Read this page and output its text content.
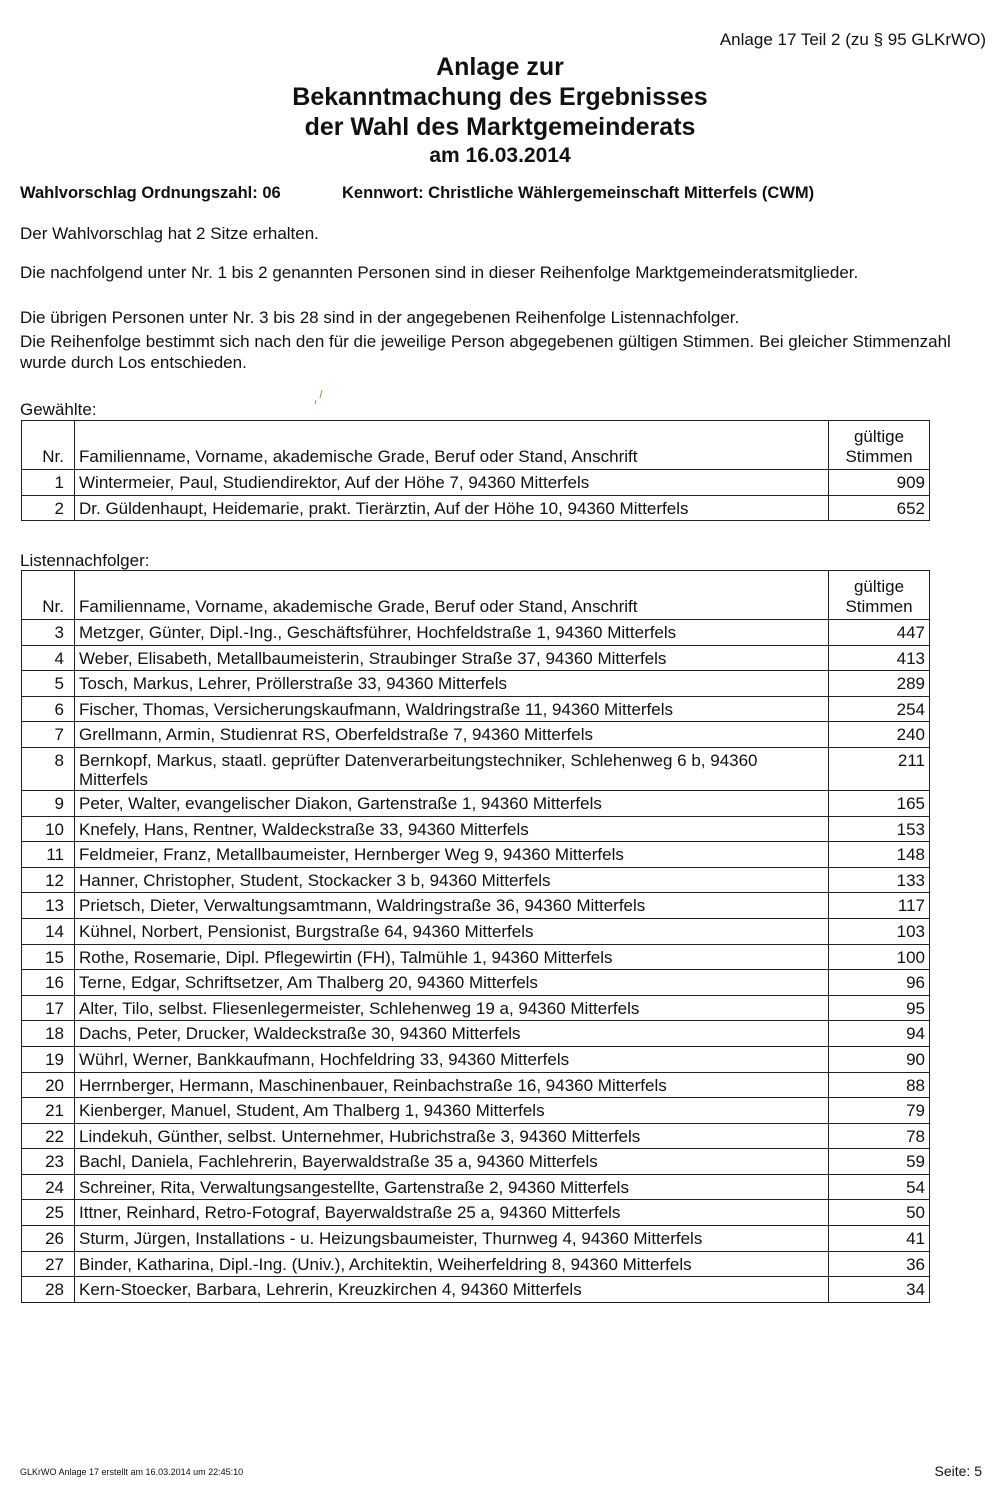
Anlage 17 Teil 2 (zu § 95 GLKrWO)
Anlage zur
Bekanntmachung des Ergebnisses
der Wahl des Marktgemeinderats
am 16.03.2014
Wahlvorschlag Ordnungszahl: 06	Kennwort: Christliche Wählergemeinschaft Mitterfels (CWM)
Der Wahlvorschlag hat 2 Sitze erhalten.
Die nachfolgend unter Nr. 1 bis 2 genannten Personen sind in dieser Reihenfolge Marktgemeinderatsmitglieder.
Die übrigen Personen unter Nr. 3 bis 28 sind in der angegebenen Reihenfolge Listennachfolger.
Die Reihenfolge bestimmt sich nach den für die jeweilige Person abgegebenen gültigen Stimmen. Bei gleicher Stimmenzahl wurde durch Los entschieden.
Gewählte:
Nr.	Familienname, Vorname, akademische Grade, Beruf oder Stand, Anschrift	gültige
Stimmen

1	Wintermeier, Paul, Studiendirektor, Auf der Höhe 7, 94360 Mitterfels	909
2	Dr. Güldenhaupt, Heidemarie, prakt. Tierärztin, Auf der Höhe 10, 94360 Mitterfels	652
Listennachfolger:
Nr.	Familienname, Vorname, akademische Grade, Beruf oder Stand, Anschrift	gültige
Stimmen

3	Metzger, Günter, Dipl.-Ing., Geschäftsführer, Hochfeldstraße 1, 94360 Mitterfels	447
4	Weber, Elisabeth, Metallbaumeisterin, Straubinger Straße 37, 94360 Mitterfels	413
5	Tosch, Markus, Lehrer, Pröllerstraße 33, 94360 Mitterfels	289
6	Fischer, Thomas, Versicherungskaufmann, Waldringstraße 11, 94360 Mitterfels	254
7	Grellmann, Armin, Studienrat RS, Oberfeldstraße 7, 94360 Mitterfels	240
8	Bernkopf, Markus, staatl. geprüfter Datenverarbeitungstechniker, Schlehenweg 6 b, 94360 Mitterfels	211
9	Peter, Walter, evangelischer Diakon, Gartenstraße 1, 94360 Mitterfels	165
10	Knefely, Hans, Rentner, Waldeckstraße 33, 94360 Mitterfels	153
11	Feldmeier, Franz, Metallbaumeister, Hernberger Weg 9, 94360 Mitterfels	148
12	Hanner, Christopher, Student, Stockacker 3 b, 94360 Mitterfels	133
13	Prietsch, Dieter, Verwaltungsamtmann, Waldringstraße 36, 94360 Mitterfels	117
14	Kühnel, Norbert, Pensionist, Burgstraße 64, 94360 Mitterfels	103
15	Rothe, Rosemarie, Dipl. Pflegewirtin (FH), Talmühle 1, 94360 Mitterfels	100
16	Terne, Edgar, Schriftsetzer, Am Thalberg 20, 94360 Mitterfels	96
17	Alter, Tilo, selbst. Fliesenlegermeister, Schlehenweg 19 a, 94360 Mitterfels	95
18	Dachs, Peter, Drucker, Waldeckstraße 30, 94360 Mitterfels	94
19	Wührl, Werner, Bankkaufmann, Hochfeldring 33, 94360 Mitterfels	90
20	Herrnberger, Hermann, Maschinenbauer, Reinbachstraße 16, 94360 Mitterfels	88
21	Kienberger, Manuel, Student, Am Thalberg 1, 94360 Mitterfels	79
22	Lindekuh, Günther, selbst. Unternehmer, Hubrichstraße 3, 94360 Mitterfels	78
23	Bachl, Daniela, Fachlehrerin, Bayerwaldstraße 35 a, 94360 Mitterfels	59
24	Schreiner, Rita, Verwaltungsangestellte, Gartenstraße 2, 94360 Mitterfels	54
25	Ittner, Reinhard, Retro-Fotograf, Bayerwaldstraße 25 a, 94360 Mitterfels	50
26	Sturm, Jürgen, Installations - u. Heizungsbaumeister, Thurnweg 4, 94360 Mitterfels	41
27	Binder, Katharina, Dipl.-Ing. (Univ.), Architektin, Weiherfeldring 8, 94360 Mitterfels	36
28	Kern-Stoecker, Barbara, Lehrerin, Kreuzkirchen 4, 94360 Mitterfels	34
GLKrWO Anlage 17 erstellt am 16.03.2014 um 22:45:10	Seite: 5
